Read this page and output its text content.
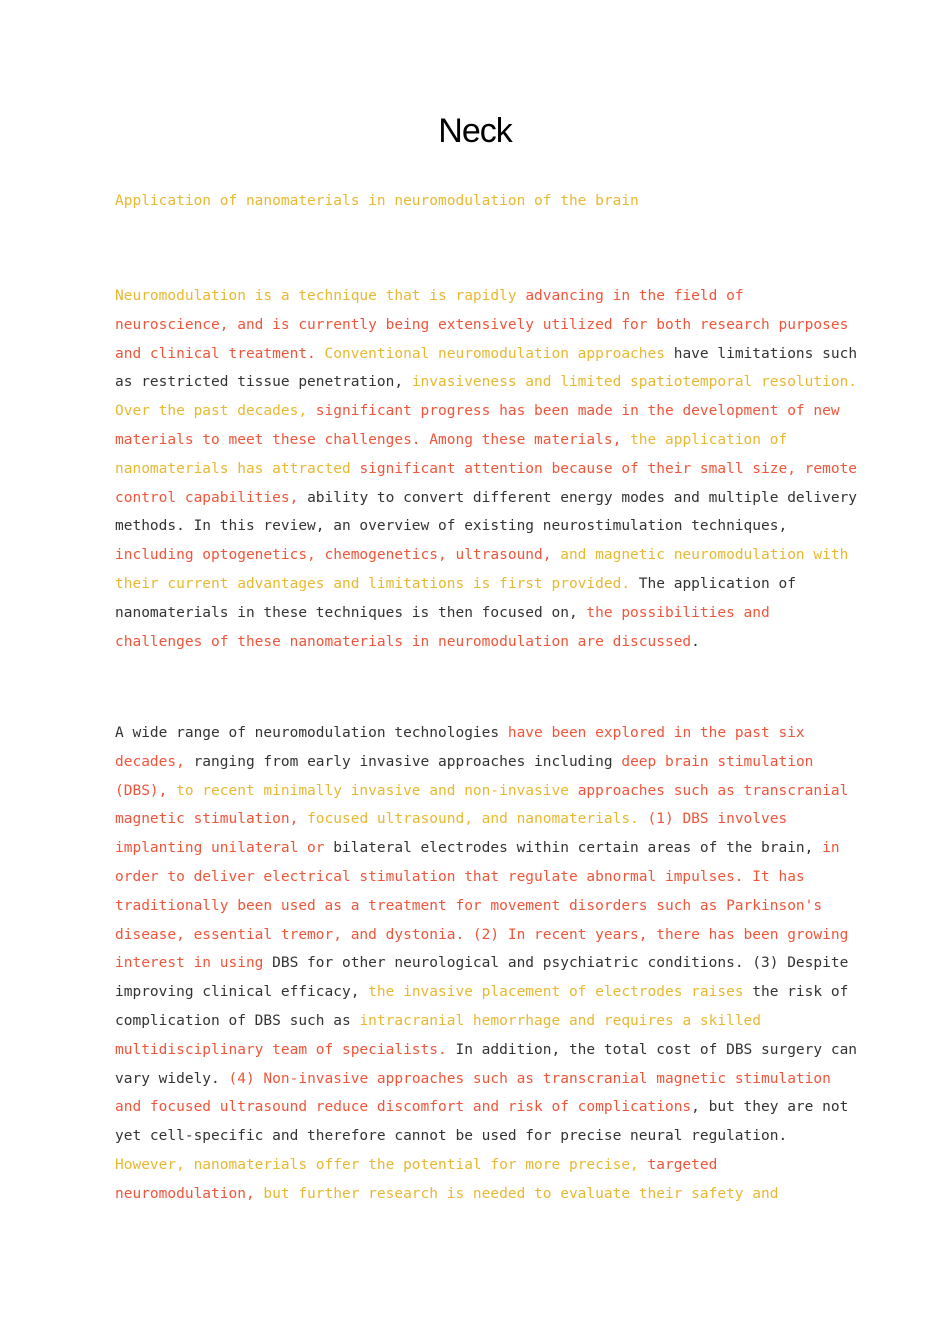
Neck

Application of nanomaterials in neuromodulation of the brain

Neuromodulation is a technique that is rapidly advancing in the field of
neuroscience, and is currently being extensively utilized for both research purposes
and clinical treatment. Conventional neuromodulation approaches have limitations such
as restricted tissue penetration, invasiveness and limited spatiotemporal resolution.
Over the past decades, significant progress has been made in the development of new
materials to meet these challenges. Among these materials, the application of
nanomaterials has attracted significant attention because of their small size, remote
control capabilities, ability to convert different energy modes and multiple delivery
methods. In this review, an overview of existing neurostimulation techniques,
including optogenetics, chemogenetics, ultrasound, and magnetic neuromodulation with
their current advantages and limitations is first provided. The application of
nanomaterials in these techniques is then focused on, the possibilities and
challenges of these nanomaterials in neuromodulation are discussed.
A wide range of neuromodulation technologies have been explored in the past six
decades, ranging from early invasive approaches including deep brain stimulation
(DBS), to recent minimally invasive and non-invasive approaches such as transcranial
magnetic stimulation, focused ultrasound, and nanomaterials. (1) DBS involves
implanting unilateral or bilateral electrodes within certain areas of the brain, in
order to deliver electrical stimulation that regulate abnormal impulses. It has
traditionally been used as a treatment for movement disorders such as Parkinson's
disease, essential tremor, and dystonia. (2) In recent years, there has been growing
interest in using DBS for other neurological and psychiatric conditions. (3) Despite
improving clinical efficacy, the invasive placement of electrodes raises the risk of
complication of DBS such as intracranial hemorrhage and requires a skilled
multidisciplinary team of specialists. In addition, the total cost of DBS surgery can
vary widely. (4) Non-invasive approaches such as transcranial magnetic stimulation
and focused ultrasound reduce discomfort and risk of complications, but they are not
yet cell-specific and therefore cannot be used for precise neural regulation.
However, nanomaterials offer the potential for more precise, targeted
neuromodulation, but further research is needed to evaluate their safety and
